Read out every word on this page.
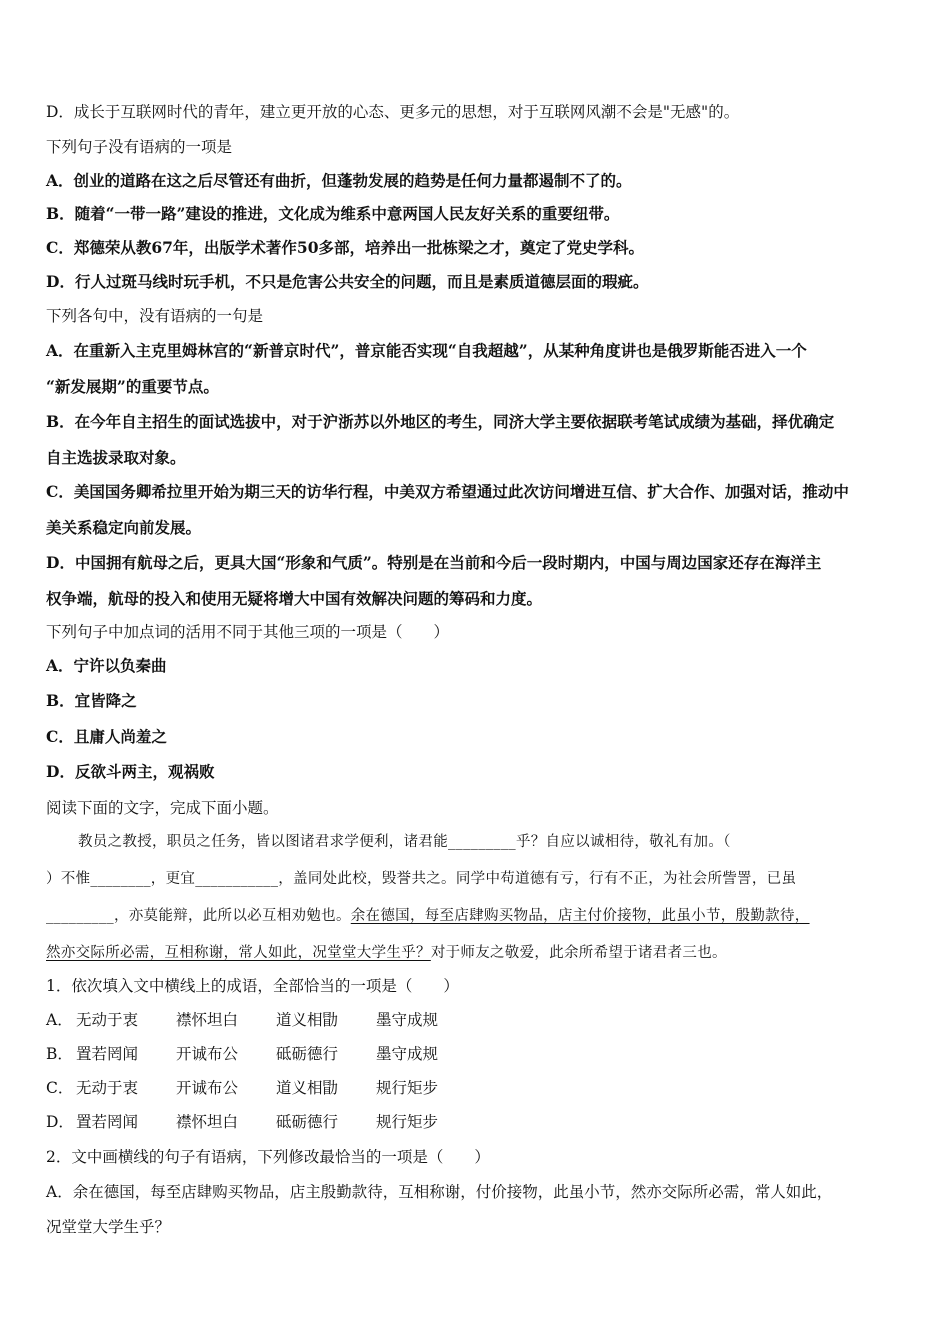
D．成长于互联网时代的青年，建立更开放的心态、更多元的思想，对于互联网风潮不会是"无感"的。
下列句子没有语病的一项是
A．创业的道路在这之后尽管还有曲折，但蓬勃发展的趋势是任何力量都遏制不了的。
B．随着“一带一路”建设的推进，文化成为维系中意两国人民友好关系的重要纽带。
C．郑德荣从教67年，出版学术著作50多部，培养出一批栋梁之才，奠定了党史学科。
D．行人过斑马线时玩手机，不只是危害公共安全的问题，而且是素质道德层面的瑕疵。
下列各句中，没有语病的一句是
A．在重新入主克里姆林宫的“新普京时代”，普京能否实现“自我超越”，从某种角度讲也是俄罗斯能否进入一个
“新发展期”的重要节点。
B．在今年自主招生的面试选拔中，对于沪浙苏以外地区的考生，同济大学主要依据联考笔试成绩为基础，择优确定
自主选拔录取对象。
C．美国国务卿希拉里开始为期三天的访华行程，中美双方希望通过此次访问增进互信、扩大合作、加强对话，推动中
美关系稳定向前发展。
D．中国拥有航母之后，更具大国“形象和气质”。特别是在当前和今后一段时期内，中国与周边国家还存在海洋主
权争端，航母的投入和使用无疑将增大中国有效解决问题的筹码和力度。
下列句子中加点词的活用不同于其他三项的一项是（　　）
A．宁许以负秦曲
B．宜皆降之
C．且庸人尚羞之
D．反欲斗两主，观祸败
阅读下面的文字，完成下面小题。
教员之教授，职员之任务，皆以图诸君求学便利，诸君能_________乎？自应以诚相待，敬礼有加。（
）不惟________，更宜___________，盖同处此校，毁誉共之。同学中苟道德有亏，行有不正，为社会所訾詈，已虽
_________，亦莫能辩，此所以必互相劝勉也。余在德国，每至店肆购买物品，店主付价接物，此虽小节，殷勤款待，
然亦交际所必需，互相称谢，常人如此，况堂堂大学生乎？对于师友之敬爱，此余所希望于诸君者三也。
1．依次填入文中横线上的成语，全部恰当的一项是（　　）
A． 无动于衷 襟怀坦白 道义相勖 墨守成规
B． 置若罔闻 开诚布公 砥砺德行 墨守成规
C． 无动于衷 开诚布公 道义相勖 规行矩步
D． 置若罔闻 襟怀坦白 砥砺德行 规行矩步
2．文中画横线的句子有语病，下列修改最恰当的一项是（　　）
A．余在德国，每至店肆购买物品，店主殷勤款待，互相称谢，付价接物，此虽小节，然亦交际所必需，常人如此，
况堂堂大学生乎？
